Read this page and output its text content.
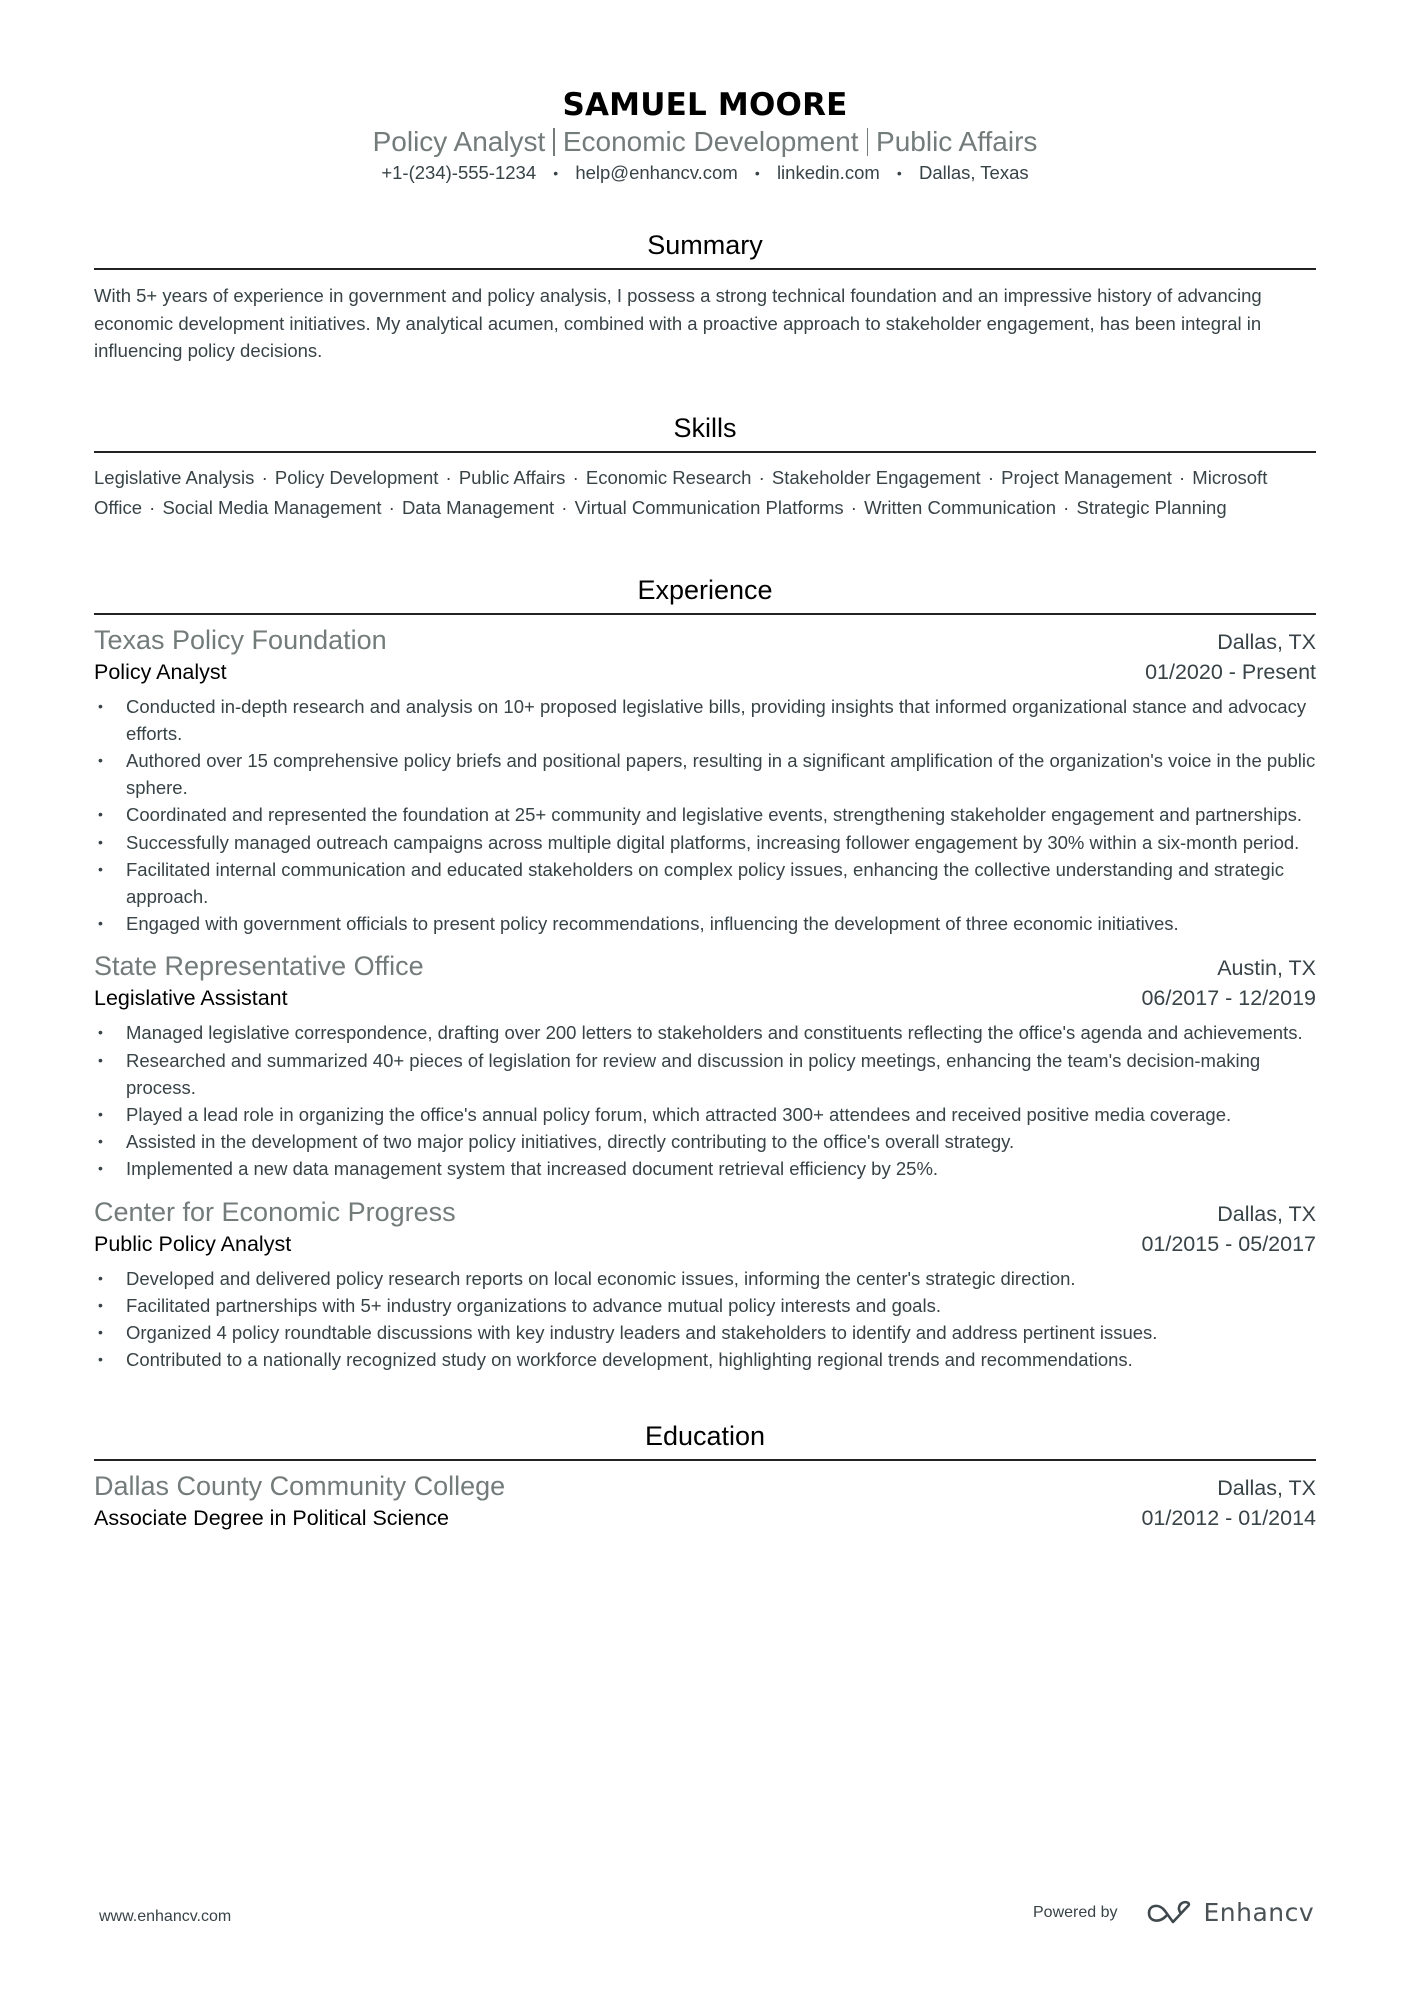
SAMUEL MOORE
Policy Analyst Economic Development Public Affairs
+1-(234)-555-1234 • help@enhancv.com • linkedin.com • Dallas, Texas
Summary

With 5+ years of experience in government and policy analysis, I possess a strong technical foundation and an impressive history of advancing economic development initiatives. My analytical acumen, combined with a proactive approach to stakeholder engagement, has been integral in influencing policy decisions.

Skills

Legislative Analysis · Policy Development · Public Affairs · Economic Research · Stakeholder Engagement · Project Management · Microsoft Office · Social Media Management · Data Management · Virtual Communication Platforms · Written Communication · Strategic Planning

Experience
Texas Policy Foundation	Dallas, TX
Policy Analyst	01/2020 - Present
• Conducted in-depth research and analysis on 10+ proposed legislative bills, providing insights that informed organizational stance and advocacy efforts.
• Authored over 15 comprehensive policy briefs and positional papers, resulting in a significant amplification of the organization's voice in the public sphere.
• Coordinated and represented the foundation at 25+ community and legislative events, strengthening stakeholder engagement and partnerships.
• Successfully managed outreach campaigns across multiple digital platforms, increasing follower engagement by 30% within a six-month period.
• Facilitated internal communication and educated stakeholders on complex policy issues, enhancing the collective understanding and strategic approach.
• Engaged with government officials to present policy recommendations, influencing the development of three economic initiatives.
State Representative Office	Austin, TX
Legislative Assistant	06/2017 - 12/2019
• Managed legislative correspondence, drafting over 200 letters to stakeholders and constituents reflecting the office's agenda and achievements.
• Researched and summarized 40+ pieces of legislation for review and discussion in policy meetings, enhancing the team's decision-making process.
• Played a lead role in organizing the office's annual policy forum, which attracted 300+ attendees and received positive media coverage.
• Assisted in the development of two major policy initiatives, directly contributing to the office's overall strategy.
• Implemented a new data management system that increased document retrieval efficiency by 25%.
Center for Economic Progress	Dallas, TX
Public Policy Analyst	01/2015 - 05/2017
• Developed and delivered policy research reports on local economic issues, informing the center's strategic direction.
• Facilitated partnerships with 5+ industry organizations to advance mutual policy interests and goals.
• Organized 4 policy roundtable discussions with key industry leaders and stakeholders to identify and address pertinent issues.
• Contributed to a nationally recognized study on workforce development, highlighting regional trends and recommendations.
Education
Dallas County Community College	Dallas, TX
Associate Degree in Political Science	01/2012 - 01/2014
www.enhancv.com	Powered by	Enhancv
